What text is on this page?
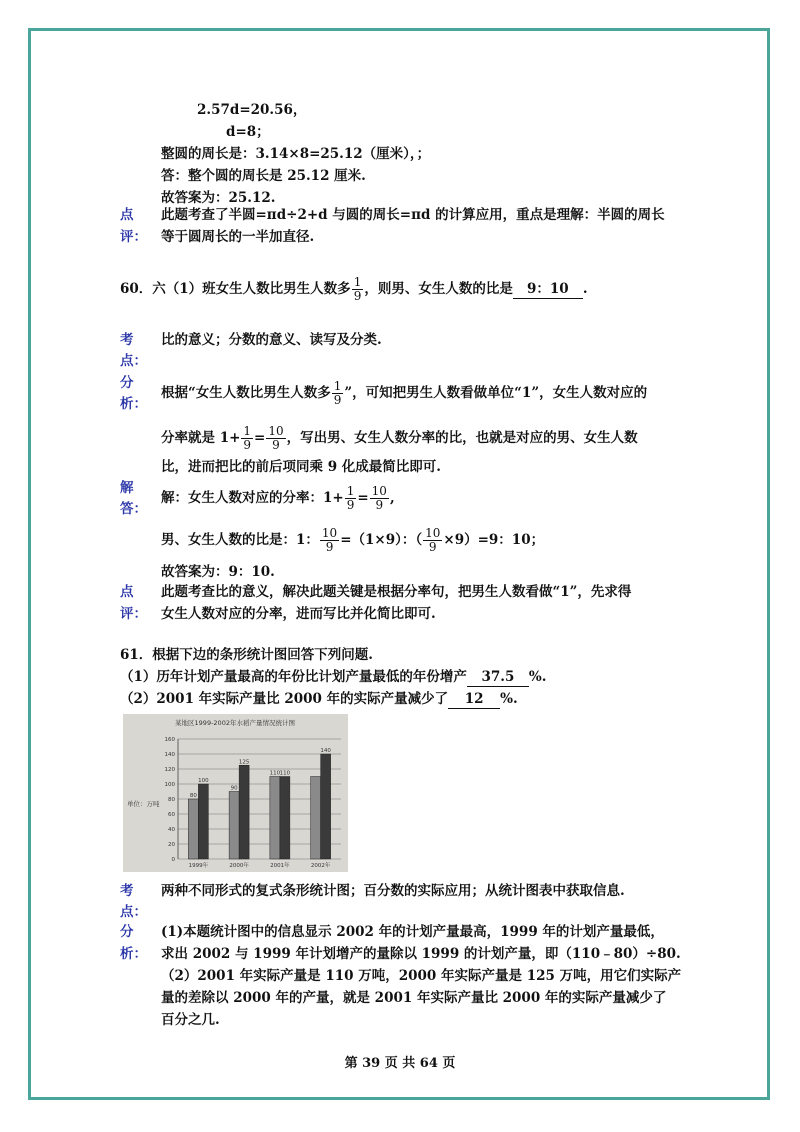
2.57d=20.56，
d=8；
整圆的周长是：3.14×8=25.12（厘米），；
答：整个圆的周长是 25.12 厘米.
故答案为：25.12.
点
评：
此题考查了半圆=πd÷2+d 与圆的周长=πd 的计算应用，重点是理解：半圆的周长
等于圆周长的一半加直径.
60．六（1）班女生人数比男生人数多 $\frac{1}{9}$ ，则男、女生人数的比是 9：10 .
考
点：
比的意义；分数的意义、读写及分类.
分
析：
根据“女生人数比男生人数多 $\frac{1}{9}$ ”，可知把男生人数看做单位“1”，女生人数对应的
分率就是 $1+ \frac{1}{9} = \frac{10}{9}$ ，写出男、女生人数分率的比，也就是对应的男、女生人数
比，进而把比的前后项同乘 9 化成最简比即可.
解
答：
解：女生人数对应的分率：$1+ \frac{1}{9} = \frac{10}{9}$ ,
男、女生人数的比是：1： $\frac{10}{9} =(1\times 9)$：（ $\frac{10}{9} \times 9)=9$：10；
故答案为：9：10.
点
评：
此题考查比的意义，解决此题关键是根据分率句，把男生人数看做“1”，先求得
女生人数对应的分率，进而写比并化简比即可.
61．根据下边的条形统计图回答下列问题.
（1）历年计划产量最高的年份比计划产量最低的年份增产 37.5 %.
（2）2001 年实际产量比 2000 年的实际产量减少了 12 %.
某地区1999-2002年水稻产量情况统计图
单位：万吨
0
20
40
60
80
100
120
140
160
80
100
1999年
90
125
2000年
110 110
2001年
140
2002年
考
点：
两种不同形式的复式条形统计图；百分数的实际应用；从统计图表中获取信息.
分
析：
(1)本题统计图中的信息显示 2002 年的计划产量最高，1999 年的计划产量最低，
求出 2002 与 1999 年计划增产的量除以 1999 的计划产量，即（110﹣80）÷80.
（2）2001 年实际产量是 110 万吨，2000 年实际产量是 125 万吨，用它们实际产
量的差除以 2000 年的产量，就是 2001 年实际产量比 2000 年的实际产量减少了
百分之几.
第 39 页 共 64 页
